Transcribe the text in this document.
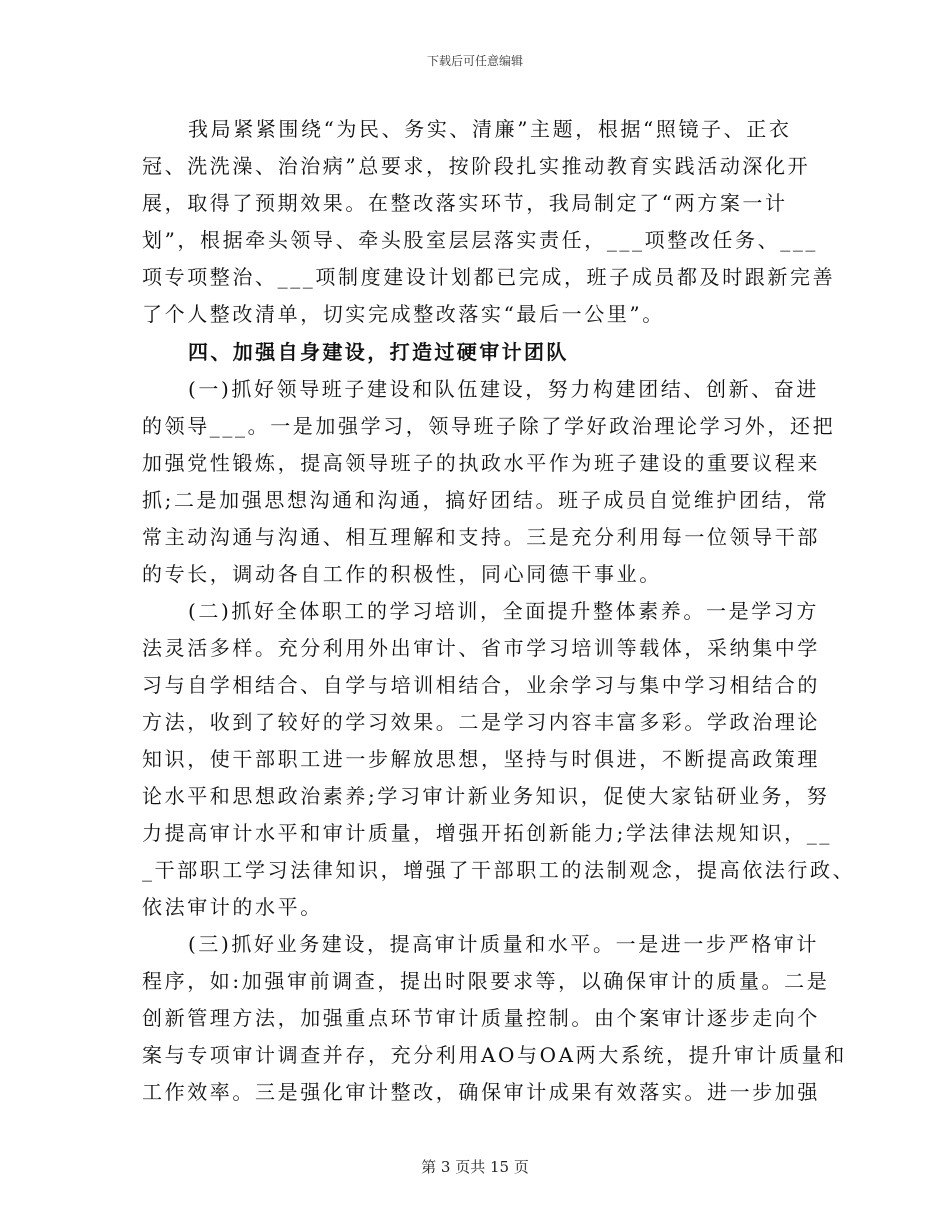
下载后可任意编辑
我局紧紧围绕“为民、务实、清廉”主题，根据“照镜子、正衣
冠、洗洗澡、治治病”总要求，按阶段扎实推动教育实践活动深化开
展，取得了预期效果。在整改落实环节，我局制定了“两方案一计
划”，根据牵头领导、牵头股室层层落实责任，___项整改任务、___
项专项整治、___项制度建设计划都已完成，班子成员都及时跟新完善
了个人整改清单，切实完成整改落实“最后一公里”。
四、加强自身建设，打造过硬审计团队
(一)抓好领导班子建设和队伍建设，努力构建团结、创新、奋进
的领导___。一是加强学习，领导班子除了学好政治理论学习外，还把
加强党性锻炼，提高领导班子的执政水平作为班子建设的重要议程来
抓;二是加强思想沟通和沟通，搞好团结。班子成员自觉维护团结，常
常主动沟通与沟通、相互理解和支持。三是充分利用每一位领导干部
的专长，调动各自工作的积极性，同心同德干事业。
(二)抓好全体职工的学习培训，全面提升整体素养。一是学习方
法灵活多样。充分利用外出审计、省市学习培训等载体，采纳集中学
习与自学相结合、自学与培训相结合，业余学习与集中学习相结合的
方法，收到了较好的学习效果。二是学习内容丰富多彩。学政治理论
知识，使干部职工进一步解放思想，坚持与时俱进，不断提高政策理
论水平和思想政治素养;学习审计新业务知识，促使大家钻研业务，努
力提高审计水平和审计质量，增强开拓创新能力;学法律法规知识，__
_干部职工学习法律知识，增强了干部职工的法制观念，提高依法行政、
依法审计的水平。
(三)抓好业务建设，提高审计质量和水平。一是进一步严格审计
程序，如:加强审前调查，提出时限要求等，以确保审计的质量。二是
创新管理方法，加强重点环节审计质量控制。由个案审计逐步走向个
案与专项审计调查并存，充分利用AO与OA两大系统，提升审计质量和
工作效率。三是强化审计整改，确保审计成果有效落实。进一步加强
第 3 页共 15 页
